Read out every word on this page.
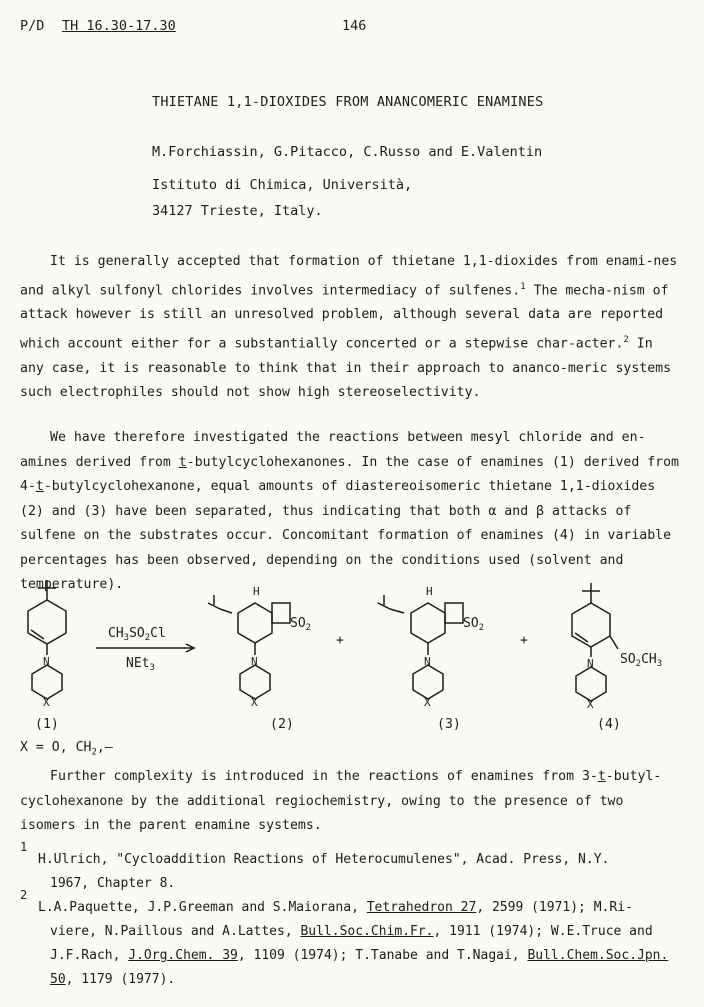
P/D TH 16.30-17.30	146
THIETANE 1,1-DIOXIDES FROM ANANCOMERIC ENAMINES
M.Forchiassin, G.Pitacco, C.Russo and E.Valentin
Istituto di Chimica, Università,
34127 Trieste, Italy.

It is generally accepted that formation of thietane 1,1-dioxides from enami-nes and alkyl sulfonyl chlorides involves intermediacy of sulfenes.$^1$ The mecha-nism of attack however is still an unresolved problem, although several data are reported which account either for a substantially concerted or a stepwise char-acter.$^2$ In any case, it is reasonable to think that in their approach to ananco-meric systems such electrophiles should not show high stereoselectivity.

We have therefore investigated the reactions between mesyl chloride and en-amines derived from t-butylcyclohexanones. In the case of enamines (1) derived from 4-t-butylcyclohexanone, equal amounts of diastereoisomeric thietane 1,1-dioxides (2) and (3) have been separated, thus indicating that both α and β attacks of sulfene on the substrates occur. Concomitant formation of enamines (4) in variable percentages has been observed, depending on the conditions used (solvent and temperature).

N
X
$CH_3SO_2Cl$
NEt$_3$
H
$SO_2$
N
X
+
H
$SO_2$
N
X
+
$SO_2CH_3$
N
X
(1)	(2)	(3)	(4)
X = O, $CH_2,—$

Further complexity is introduced in the reactions of enamines from 3-t-butyl-cyclohexanone by the additional regiochemistry, owing to the presence of two isomers in the parent enamine systems.

1
H.Ulrich, "Cycloaddition Reactions of Heterocumulenes", Acad. Press, N.Y.
1967, Chapter 8.
2
L.A.Paquette, J.P.Greeman and S.Maiorana, Tetrahedron 27, 2599 (1971); M.Ri-
viere, N.Paillous and A.Lattes, Bull.Soc.Chim.Fr., 1911 (1974); W.E.Truce and
J.F.Rach, J.Org.Chem. 39, 1109 (1974); T.Tanabe and T.Nagai, Bull.Chem.Soc.Jpn.
50, 1179 (1977).
